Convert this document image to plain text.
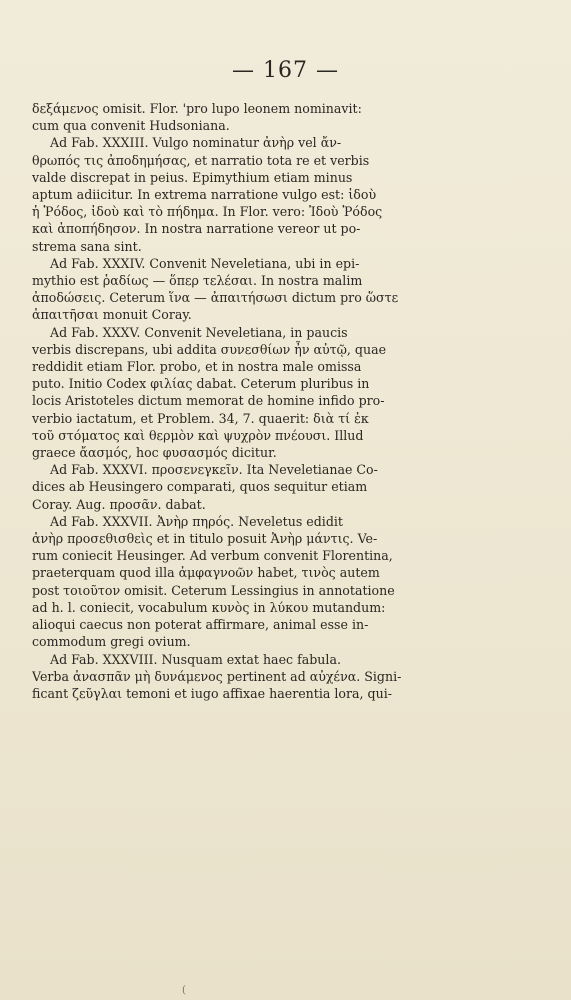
— 167 —
δεξάμενος omisit. Flor. 'pro lupo leonem nominavit:
cum qua convenit Hudsoniana.
Ad Fab. XXXIII. Vulgo nominatur ἀνὴρ vel ἄν-
θρωπός τις ἀποδημήσας, et narratio tota re et verbis
valde discrepat in peius. Epimythium etiam minus
aptum adiicitur. In extrema narratione vulgo est: ἰδοὺ
ἡ Ῥόδος, ἰδοὺ καὶ τὸ πήδημα. In Flor. vero: Ἰδοὺ Ῥόδος
καὶ ἀποπήδησον. In nostra narratione vereor ut po-
strema sana sint.
Ad Fab. XXXIV. Convenit Neveletiana, ubi in epi-
mythio est ῥαδίως — ὅπερ τελέσαι. In nostra malim
ἀποδώσεις. Ceterum ἵνα — ἀπαιτήσωσι dictum pro ὥστε
ἀπαιτῆσαι monuit Coray.
Ad Fab. XXXV. Convenit Neveletiana, in paucis
verbis discrepans, ubi addita συνεσθίων ἦν αὐτῷ, quae
reddidit etiam Flor. probo, et in nostra male omissa
puto. Initio Codex φιλίας dabat. Ceterum pluribus in
locis Aristoteles dictum memorat de homine infido pro-
verbio iactatum, et Problem. 34, 7. quaerit: διὰ τί ἐκ
τοῦ στόματος καὶ θερμὸν καὶ ψυχρὸν πνέουσι. Illud
graece ἄασμός, hoc φυσασμός dicitur.
Ad Fab. XXXVI. προσενεγκεῖν. Ita Neveletianae Co-
dices ab Heusingero comparati, quos sequitur etiam
Coray. Aug. προσᾶν. dabat.
Ad Fab. XXXVII. Ἀνὴρ πηρός. Neveletus edidit
ἀνὴρ προσεθισθεὶς et in titulo posuit Ἀνὴρ μάντις. Ve-
rum coniecit Heusinger. Ad verbum convenit Florentina,
praeterquam quod illa ἀμφαγνοῶν habet, τινὸς autem
post τοιοῦτον omisit. Ceterum Lessingius in annotatione
ad h. l. coniecit, vocabulum κυνὸς in λύκου mutandum:
alioqui caecus non poterat affirmare, animal esse in-
commodum gregi ovium.
Ad Fab. XXXVIII. Nusquam extat haec fabula.
Verba ἀνασπᾶν μὴ δυνάμενος pertinent ad αὐχένα. Signi-
ficant ζεῦγλαι temoni et iugo affixae haerentia lora, qui-
(
